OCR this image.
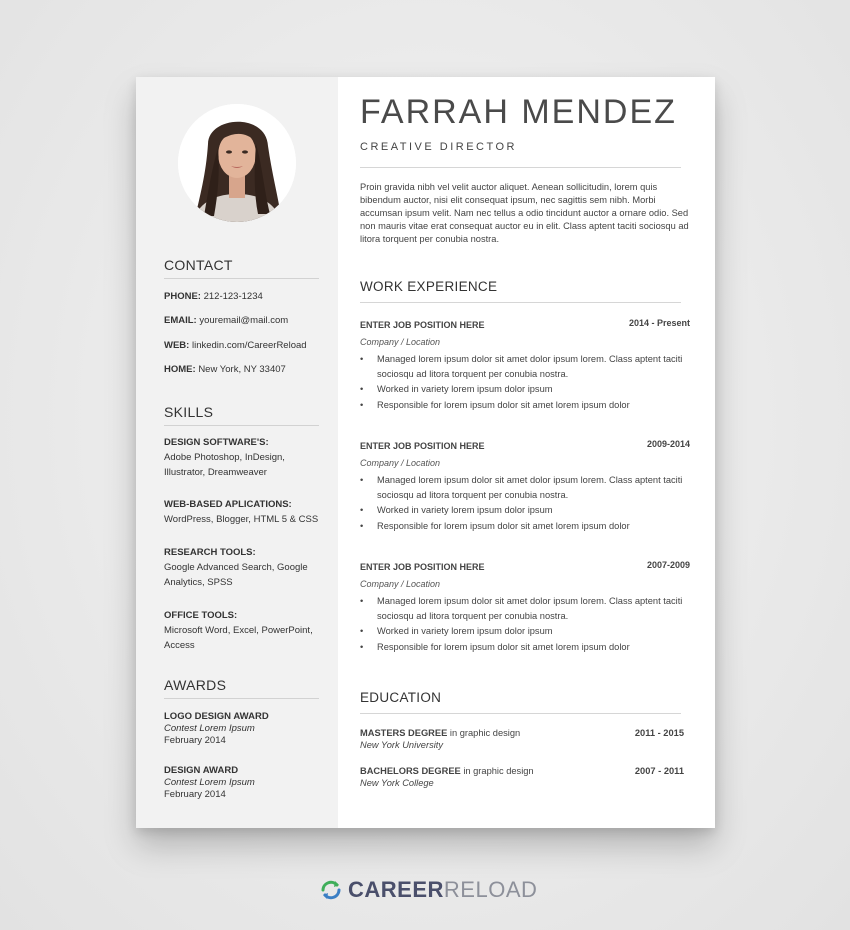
CONTACT
PHONE: 212-123-1234
EMAIL: youremail@mail.com
WEB: linkedin.com/CareerReload
HOME: New York, NY 33407
SKILLS
DESIGN SOFTWARE'S:
Adobe Photoshop, InDesign,
Illustrator, Dreamweaver
WEB-BASED APLICATIONS:
WordPress, Blogger, HTML 5 & CSS
RESEARCH TOOLS:
Google Advanced Search, Google
Analytics, SPSS
OFFICE TOOLS:
Microsoft Word, Excel, PowerPoint,
Access
AWARDS
LOGO DESIGN AWARD
Contest Lorem Ipsum
February 2014
DESIGN AWARD
Contest Lorem Ipsum
February 2014
FARRAH MENDEZ
CREATIVE DIRECTOR
Proin gravida nibh vel velit auctor aliquet. Aenean sollicitudin, lorem quis bibendum auctor, nisi elit consequat ipsum, nec sagittis sem nibh. Morbi accumsan ipsum velit. Nam nec tellus a odio tincidunt auctor a ornare odio. Sed non mauris vitae erat consequat auctor eu in elit. Class aptent taciti sociosqu ad litora torquent per conubia nostra.
WORK EXPERIENCE
ENTER JOB POSITION HERE	2014 - Present
Company / Location
• Managed lorem ipsum dolor sit amet dolor ipsum lorem. Class aptent taciti sociosqu ad litora torquent per conubia nostra.
• Worked in variety lorem ipsum dolor ipsum
• Responsible for lorem ipsum dolor sit amet lorem ipsum dolor
ENTER JOB POSITION HERE	2009-2014
Company / Location
• Managed lorem ipsum dolor sit amet dolor ipsum lorem. Class aptent taciti sociosqu ad litora torquent per conubia nostra.
• Worked in variety lorem ipsum dolor ipsum
• Responsible for lorem ipsum dolor sit amet lorem ipsum dolor
ENTER JOB POSITION HERE	2007-2009
Company / Location
• Managed lorem ipsum dolor sit amet dolor ipsum lorem. Class aptent taciti sociosqu ad litora torquent per conubia nostra.
• Worked in variety lorem ipsum dolor ipsum
• Responsible for lorem ipsum dolor sit amet lorem ipsum dolor
EDUCATION
MASTERS DEGREE in graphic design	2011 - 2015
New York University
BACHELORS DEGREE in graphic design	2007 - 2011
New York College
CAREERRELOAD
